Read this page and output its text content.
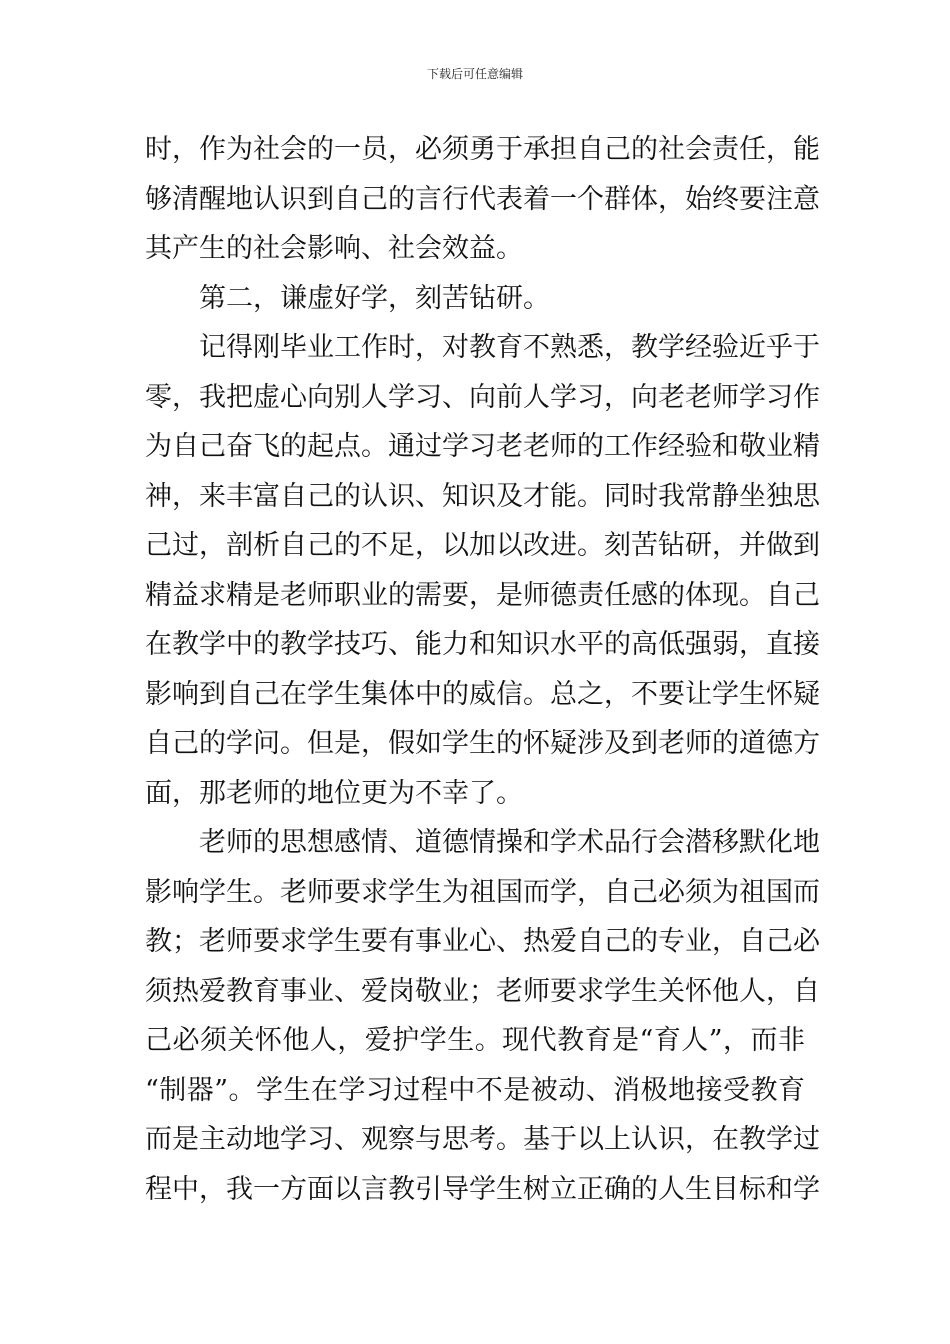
下载后可任意编辑
时，作为社会的一员，必须勇于承担自己的社会责任，能
够清醒地认识到自己的言行代表着一个群体，始终要注意
其产生的社会影响、社会效益。
第二，谦虚好学，刻苦钻研。
记得刚毕业工作时，对教育不熟悉，教学经验近乎于
零，我把虚心向别人学习、向前人学习，向老老师学习作
为自己奋飞的起点。通过学习老老师的工作经验和敬业精
神，来丰富自己的认识、知识及才能。同时我常静坐独思
己过，剖析自己的不足，以加以改进。刻苦钻研，并做到
精益求精是老师职业的需要，是师德责任感的体现。自己
在教学中的教学技巧、能力和知识水平的高低强弱，直接
影响到自己在学生集体中的威信。总之，不要让学生怀疑
自己的学问。但是，假如学生的怀疑涉及到老师的道德方
面，那老师的地位更为不幸了。
老师的思想感情、道德情操和学术品行会潜移默化地
影响学生。老师要求学生为祖国而学，自己必须为祖国而
教；老师要求学生要有事业心、热爱自己的专业，自己必
须热爱教育事业、爱岗敬业；老师要求学生关怀他人，自
己必须关怀他人，爱护学生。现代教育是“育人”，而非
“制器”。学生在学习过程中不是被动、消极地接受教育
而是主动地学习、观察与思考。基于以上认识，在教学过
程中，我一方面以言教引导学生树立正确的人生目标和学
